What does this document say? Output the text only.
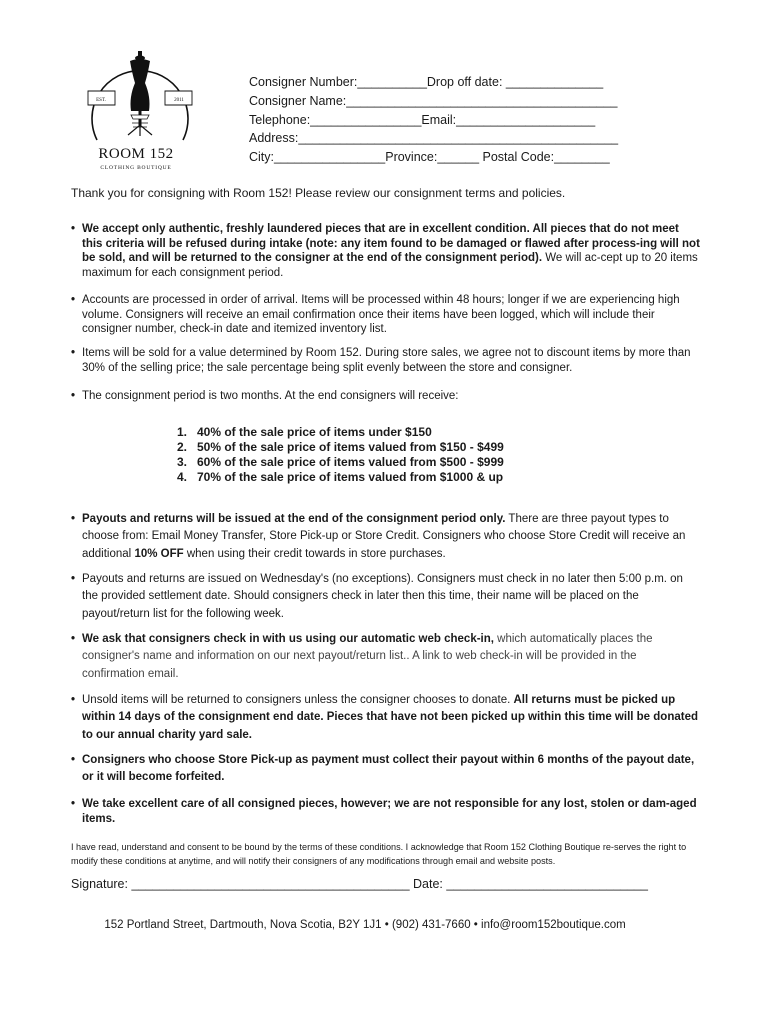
EST.	2011
ROOM 152
CLOTHING BOUTIQUE
Consigner Number:__________Drop off date: ______________
Consigner Name:_______________________________________
Telephone:________________Email:____________________
Address:______________________________________________
City:________________Province:______ Postal Code:________
Thank you for consigning with Room 152! Please review our consignment terms and policies.
• We accept only authentic, freshly laundered pieces that are in excellent condition. All pieces that do not meet this criteria will be refused during intake (note: any item found to be damaged or flawed after process-ing will not be sold, and will be returned to the consigner at the end of the consignment period). We will ac-cept up to 20 items maximum for each consignment period.
• Accounts are processed in order of arrival. Items will be processed within 48 hours; longer if we are experiencing high volume. Consigners will receive an email confirmation once their items have been logged, which will include their consigner number, check-in date and itemized inventory list.
• Items will be sold for a value determined by Room 152. During store sales, we agree not to discount items by more than 30% of the selling price; the sale percentage being split evenly between the store and consigner.
• The consignment period is two months. At the end consigners will receive:
1. 40% of the sale price of items under $150
2. 50% of the sale price of items valued from $150 - $499
3. 60% of the sale price of items valued from $500 - $999
4. 70% of the sale price of items valued from $1000 & up
• Payouts and returns will be issued at the end of the consignment period only. There are three payout types to choose from: Email Money Transfer, Store Pick-up or Store Credit. Consigners who choose Store Credit will receive an additional 10% OFF when using their credit towards in store purchases.
• Payouts and returns are issued on Wednesday's (no exceptions). Consigners must check in no later then 5:00 p.m. on the provided settlement date. Should consigners check in later then this time, their name will be placed on the payout/return list for the following week.
• We ask that consigners check in with us using our automatic web check-in, which automatically places the consigner's name and information on our next payout/return list.. A link to web check-in will be provided in the confirmation email.
• Unsold items will be returned to consigners unless the consigner chooses to donate. All returns must be picked up within 14 days of the consignment end date. Pieces that have not been picked up within this time will be donated to our annual charity yard sale.
• Consigners who choose Store Pick-up as payment must collect their payout within 6 months of the payout date, or it will become forfeited.
• We take excellent care of all consigned pieces, however; we are not responsible for any lost, stolen or dam-aged items.
I have read, understand and consent to be bound by the terms of these conditions. I acknowledge that Room 152 Clothing Boutique re-serves the right to modify these conditions at anytime, and will notify their consigners of any modifications through email and website posts.
Signature: ________________________________________ Date: _____________________________
152 Portland Street, Dartmouth, Nova Scotia, B2Y 1J1 • (902) 431-7660 • info@room152boutique.com
